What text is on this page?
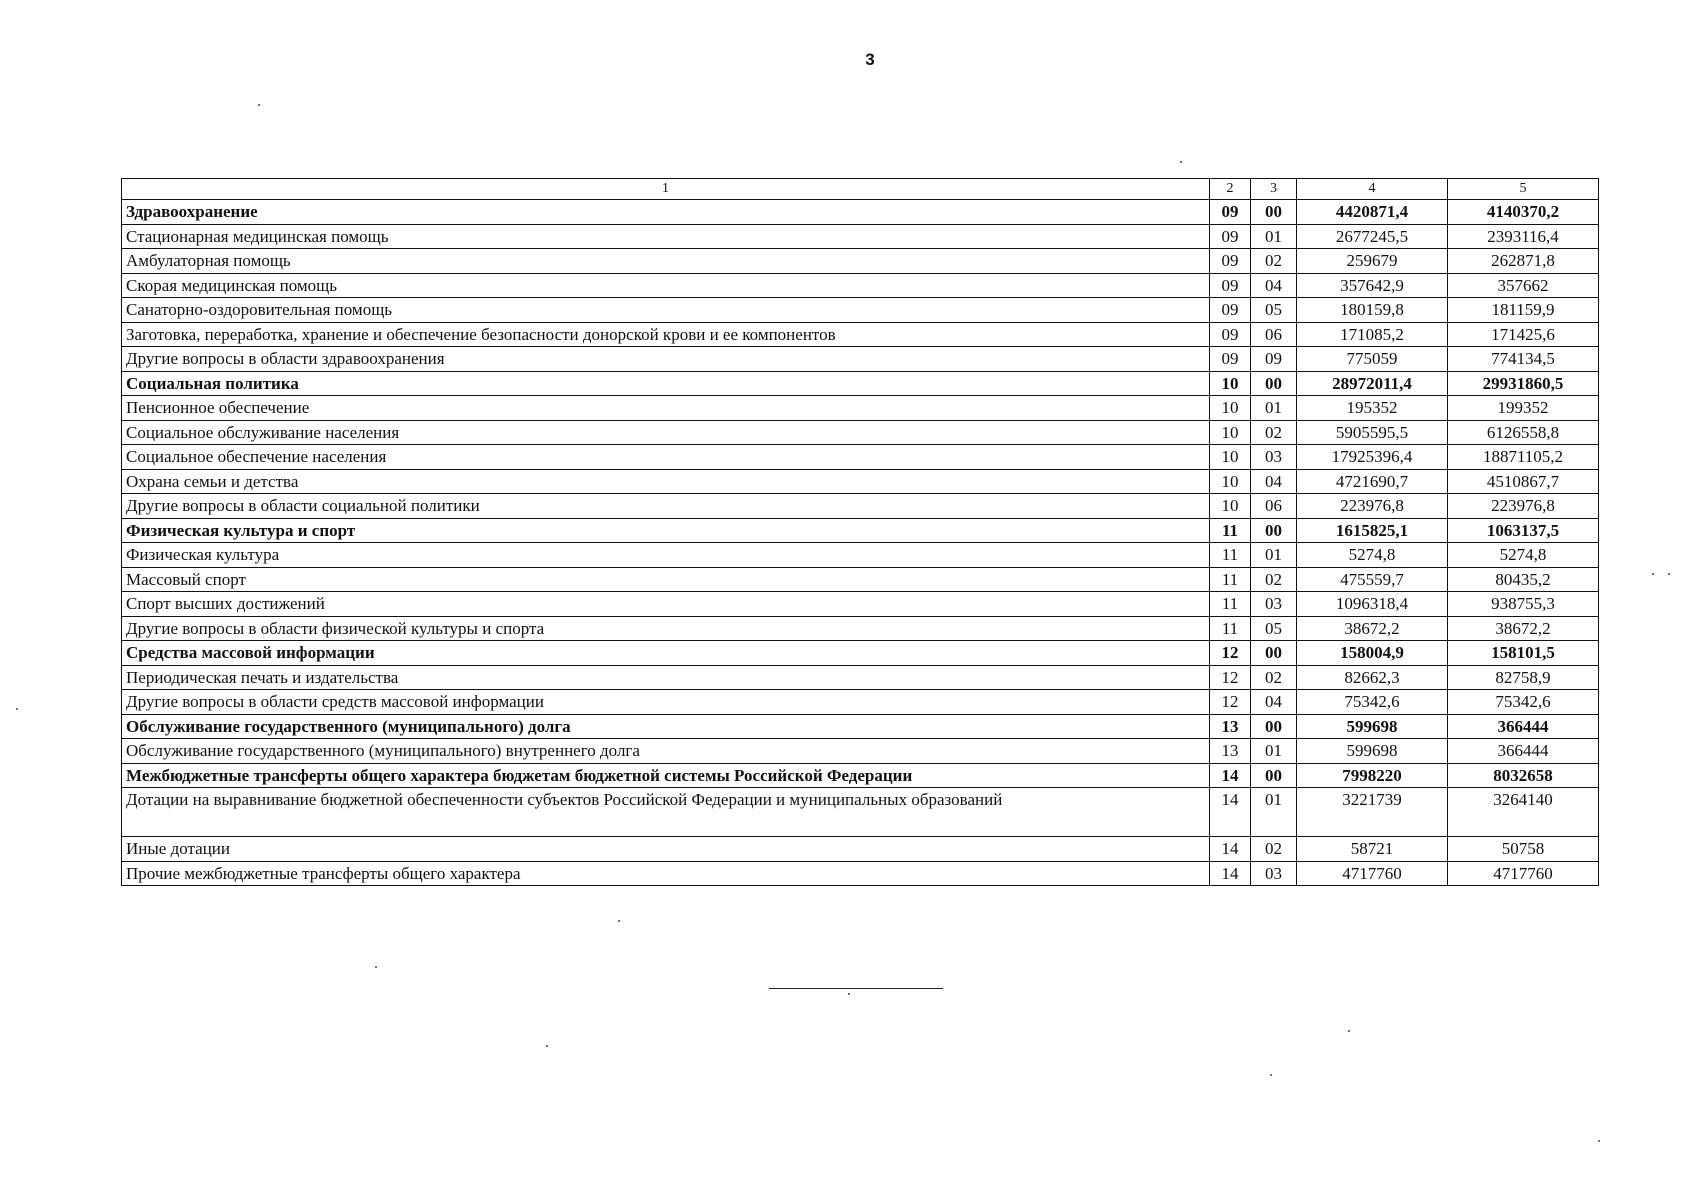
3
1	2	3	4	5
Здравоохранение	09	00	4420871,4	4140370,2
Стационарная медицинская помощь	09	01	2677245,5	2393116,4
Амбулаторная помощь	09	02	259679	262871,8
Скорая медицинская помощь	09	04	357642,9	357662
Санаторно-оздоровительная помощь	09	05	180159,8	181159,9
Заготовка, переработка, хранение и обеспечение безопасности донорской крови и ее компонентов	09	06	171085,2	171425,6
Другие вопросы в области здравоохранения	09	09	775059	774134,5
Социальная политика	10	00	28972011,4	29931860,5
Пенсионное обеспечение	10	01	195352	199352
Социальное обслуживание населения	10	02	5905595,5	6126558,8
Социальное обеспечение населения	10	03	17925396,4	18871105,2
Охрана семьи и детства	10	04	4721690,7	4510867,7
Другие вопросы в области социальной политики	10	06	223976,8	223976,8
Физическая культура и спорт	11	00	1615825,1	1063137,5
Физическая культура	11	01	5274,8	5274,8
Массовый спорт	11	02	475559,7	80435,2
Спорт высших достижений	11	03	1096318,4	938755,3
Другие вопросы в области физической культуры и спорта	11	05	38672,2	38672,2
Средства массовой информации	12	00	158004,9	158101,5
Периодическая печать и издательства	12	02	82662,3	82758,9
Другие вопросы в области средств массовой информации	12	04	75342,6	75342,6
Обслуживание государственного (муниципального) долга	13	00	599698	366444
Обслуживание государственного (муниципального) внутреннего долга	13	01	599698	366444
Межбюджетные трансферты общего характера бюджетам бюджетной системы Российской Федерации	14	00	7998220	8032658
Дотации на выравнивание бюджетной обеспеченности субъектов Российской Федерации и муниципальных образований	14	01	3221739	3264140
Иные дотации	14	02	58721	50758
Прочие межбюджетные трансферты общего характера	14	03	4717760	4717760
